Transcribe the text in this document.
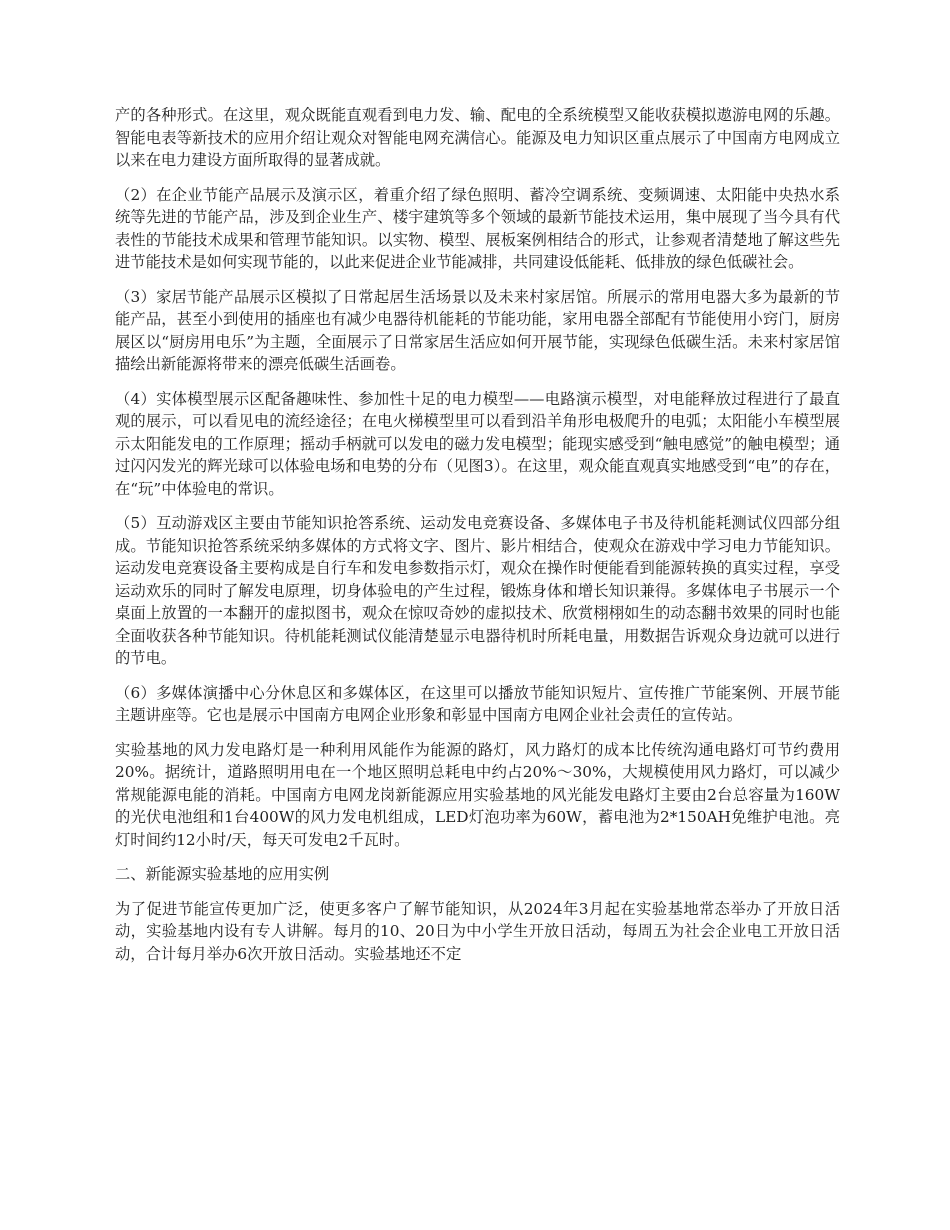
产的各种形式。在这里，观众既能直观看到电力发、输、配电的全系统模型又能收获模拟遨游电网的乐趣。智能电表等新技术的应用介绍让观众对智能电网充满信心。能源及电力知识区重点展示了中国南方电网成立以来在电力建设方面所取得的显著成就。

（2）在企业节能产品展示及演示区，着重介绍了绿色照明、蓄冷空调系统、变频调速、太阳能中央热水系统等先进的节能产品，涉及到企业生产、楼宇建筑等多个领域的最新节能技术运用，集中展现了当今具有代表性的节能技术成果和管理节能知识。以实物、模型、展板案例相结合的形式，让参观者清楚地了解这些先进节能技术是如何实现节能的，以此来促进企业节能减排，共同建设低能耗、低排放的绿色低碳社会。

（3）家居节能产品展示区模拟了日常起居生活场景以及未来村家居馆。所展示的常用电器大多为最新的节能产品，甚至小到使用的插座也有减少电器待机能耗的节能功能，家用电器全部配有节能使用小窍门，厨房展区以“厨房用电乐”为主题，全面展示了日常家居生活应如何开展节能，实现绿色低碳生活。未来村家居馆描绘出新能源将带来的漂亮低碳生活画卷。

（4）实体模型展示区配备趣味性、参加性十足的电力模型——电路演示模型，对电能释放过程进行了最直观的展示，可以看见电的流经途径；在电火梯模型里可以看到沿羊角形电极爬升的电弧；太阳能小车模型展示太阳能发电的工作原理；摇动手柄就可以发电的磁力发电模型；能现实感受到“触电感觉”的触电模型；通过闪闪发光的辉光球可以体验电场和电势的分布（见图3）。在这里，观众能直观真实地感受到“电”的存在，在“玩”中体验电的常识。

（5）互动游戏区主要由节能知识抢答系统、运动发电竞赛设备、多媒体电子书及待机能耗测试仪四部分组成。节能知识抢答系统采纳多媒体的方式将文字、图片、影片相结合，使观众在游戏中学习电力节能知识。运动发电竞赛设备主要构成是自行车和发电参数指示灯，观众在操作时便能看到能源转换的真实过程，享受运动欢乐的同时了解发电原理，切身体验电的产生过程，锻炼身体和增长知识兼得。多媒体电子书展示一个桌面上放置的一本翻开的虚拟图书，观众在惊叹奇妙的虚拟技术、欣赏栩栩如生的动态翻书效果的同时也能全面收获各种节能知识。待机能耗测试仪能清楚显示电器待机时所耗电量，用数据告诉观众身边就可以进行的节电。

（6）多媒体演播中心分休息区和多媒体区，在这里可以播放节能知识短片、宣传推广节能案例、开展节能主题讲座等。它也是展示中国南方电网企业形象和彰显中国南方电网企业社会责任的宣传站。

实验基地的风力发电路灯是一种利用风能作为能源的路灯，风力路灯的成本比传统沟通电路灯可节约费用20%。据统计，道路照明用电在一个地区照明总耗电中约占20%～30%，大规模使用风力路灯，可以减少常规能源电能的消耗。中国南方电网龙岗新能源应用实验基地的风光能发电路灯主要由2台总容量为160W的光伏电池组和1台400W的风力发电机组成，LED灯泡功率为60W，蓄电池为2*150AH免维护电池。亮灯时间约12小时/天，每天可发电2千瓦时。

二、新能源实验基地的应用实例

为了促进节能宣传更加广泛，使更多客户了解节能知识，从2024年3月起在实验基地常态举办了开放日活动，实验基地内设有专人讲解。每月的10、20日为中小学生开放日活动，每周五为社会企业电工开放日活动，合计每月举办6次开放日活动。实验基地还不定
